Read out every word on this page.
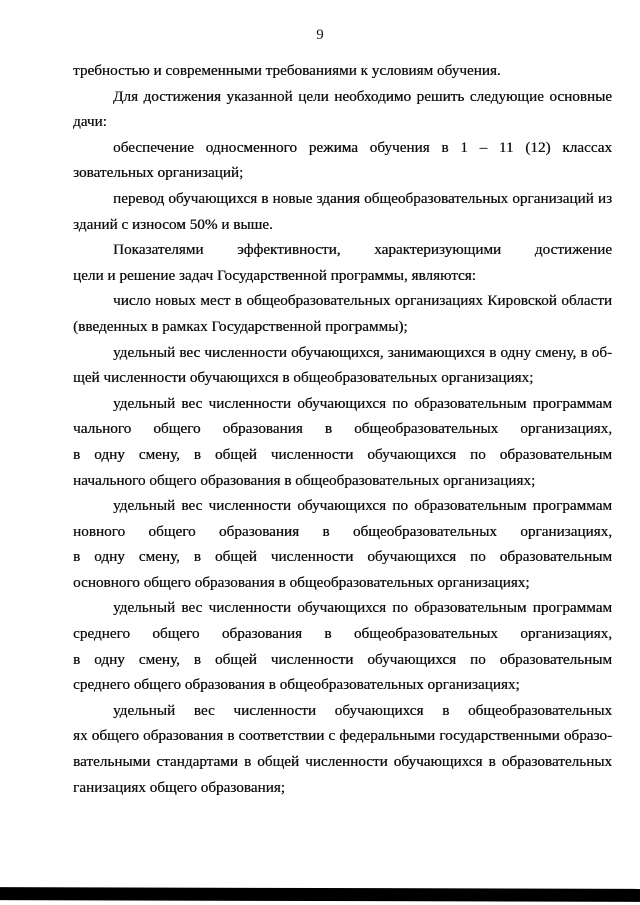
9
требностью и современными требованиями к условиям обучения.
Для достижения указанной цели необходимо решить следующие основные
дачи:
обеспечение односменного режима обучения в 1 – 11 (12) классах
зовательных организаций;
перевод обучающихся в новые здания общеобразовательных организаций из
зданий с износом 50% и выше.
Показателями эффективности, характеризующими достижение
цели и решение задач Государственной программы, являются:
число новых мест в общеобразовательных организациях Кировской области
(введенных в рамках Государственной программы);
удельный вес численности обучающихся, занимающихся в одну смену, в об-
щей численности обучающихся в общеобразовательных организациях;
удельный вес численности обучающихся по образовательным программам
чального общего образования в общеобразовательных организациях,
в одну смену, в общей численности обучающихся по образовательным
начального общего образования в общеобразовательных организациях;
удельный вес численности обучающихся по образовательным программам
новного общего образования в общеобразовательных организациях,
в одну смену, в общей численности обучающихся по образовательным
основного общего образования в общеобразовательных организациях;
удельный вес численности обучающихся по образовательным программам
среднего общего образования в общеобразовательных организациях,
в одну смену, в общей численности обучающихся по образовательным
среднего общего образования в общеобразовательных организациях;
удельный вес численности обучающихся в общеобразовательных
ях общего образования в соответствии с федеральными государственными образо-
вательными стандартами в общей численности обучающихся в образовательных
ганизациях общего образования;
